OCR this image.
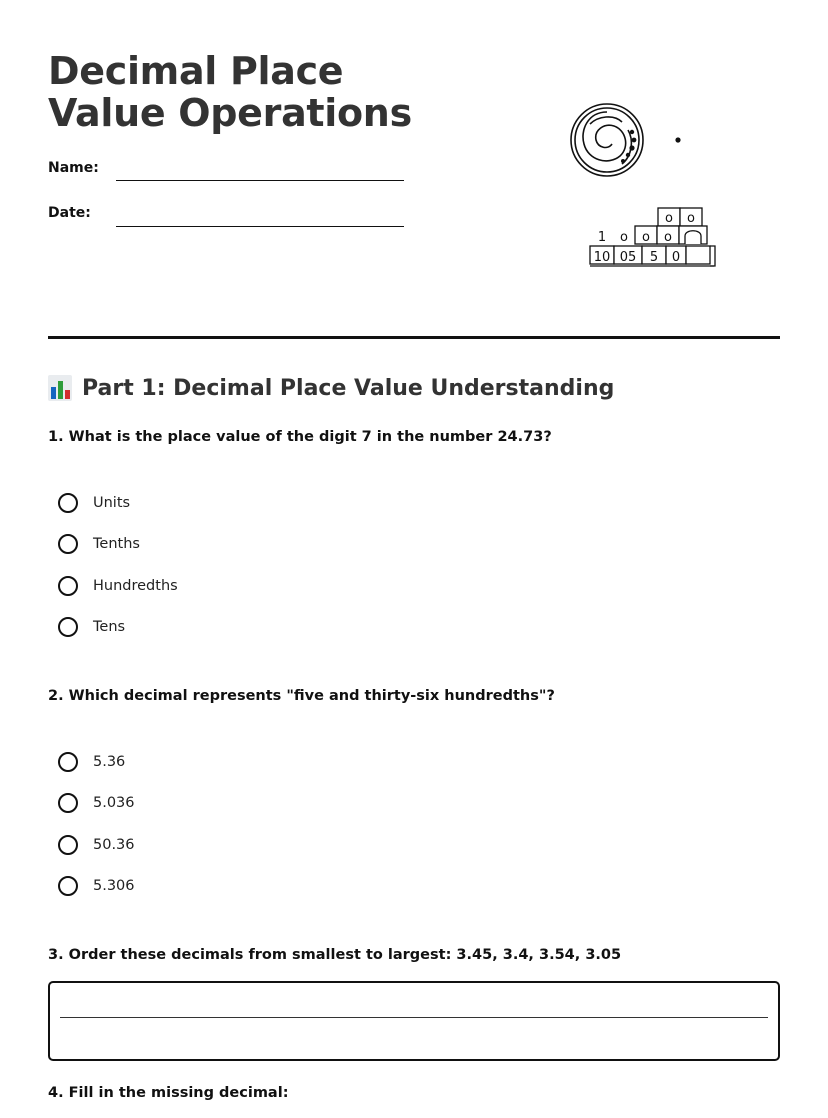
Decimal Place Value Operations
Name:
Date:	o o
1 o o o
10 05 5 0
Part 1: Decimal Place Value Understanding

1. What is the place value of the digit 7 in the number 24.73?

Units
Tenths
Hundredths
Tens

2. Which decimal represents "five and thirty-six hundredths"?

5.36
5.036
50.36
5.306

3. Order these decimals from smallest to largest: 3.45, 3.4, 3.54, 3.05

4. Fill in the missing decimal:
